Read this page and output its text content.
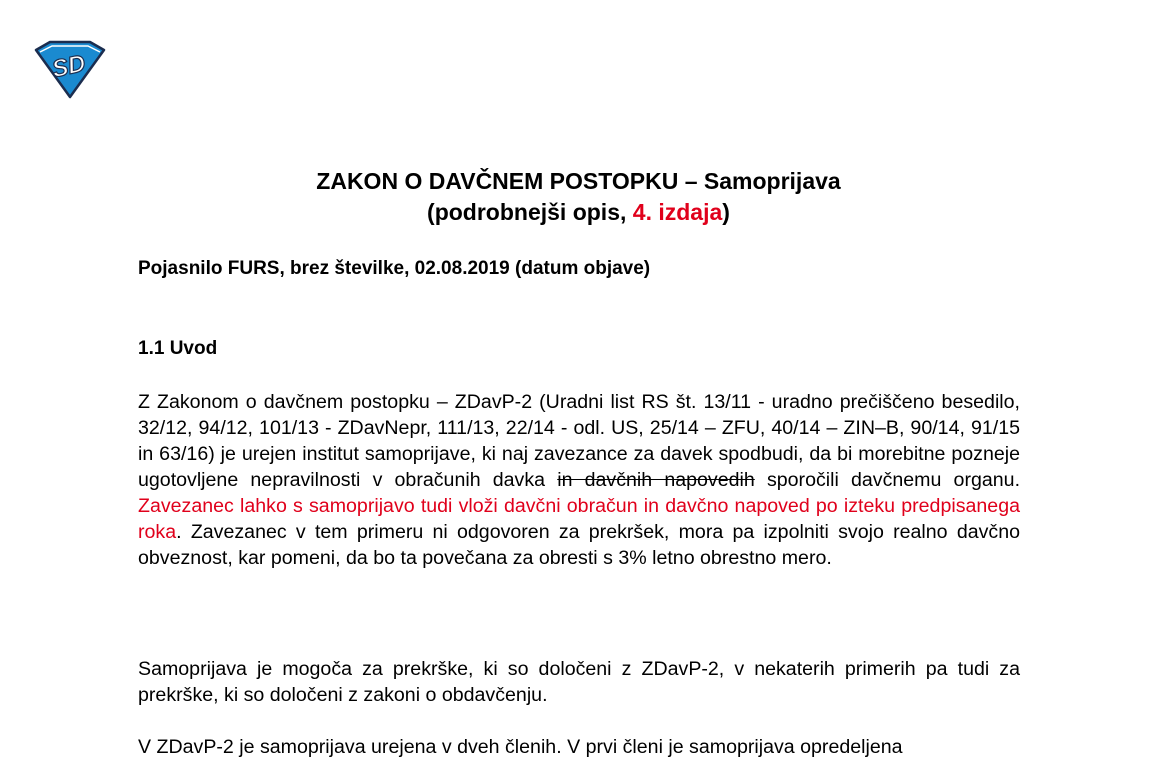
SD
ZAKON O DAVČNEM POSTOPKU – Samoprijava
(podrobnejši opis, 4. izdaja)
Pojasnilo FURS, brez številke, 02.08.2019 (datum objave)
1.1 Uvod
Z Zakonom o davčnem postopku – ZDavP-2 (Uradni list RS št. 13/11 - uradno prečiščeno besedilo, 32/12, 94/12, 101/13 - ZDavNepr, 111/13, 22/14 - odl. US, 25/14 – ZFU, 40/14 – ZIN–B, 90/14, 91/15 in 63/16) je urejen institut samoprijave, ki naj zavezance za davek spodbudi, da bi morebitne pozneje ugotovljene nepravilnosti v obračunih davka in davčnih napovedih sporočili davčnemu organu. Zavezanec lahko s samoprijavo tudi vloži davčni obračun in davčno napoved po izteku predpisanega roka. Zavezanec v tem primeru ni odgovoren za prekršek, mora pa izpolniti svojo realno davčno obveznost, kar pomeni, da bo ta povečana za obresti s 3% letno obrestno mero.
Samoprijava je mogoča za prekrške, ki so določeni z ZDavP-2, v nekaterih primerih pa tudi za prekrške, ki so določeni z zakoni o obdavčenju.
V ZDavP-2 je samoprijava urejena v dveh členih. V prvi členi je samoprijava opredeljena
